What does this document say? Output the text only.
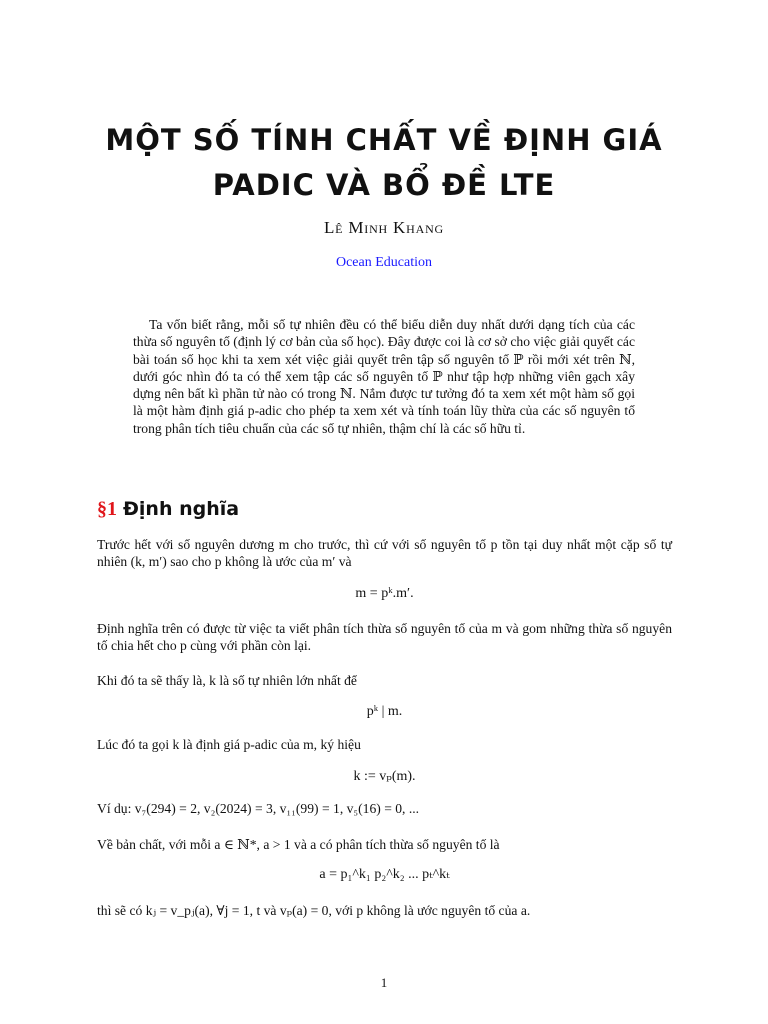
MỘT SỐ TÍNH CHẤT VỀ ĐỊNH GIÁ
PADIC VÀ BỔ ĐỀ LTE
Lê Minh Khang
Ocean Education

Ta vốn biết rằng, mỗi số tự nhiên đều có thể biểu diễn duy nhất dưới dạng tích của các thừa số nguyên tố (định lý cơ bản của số học). Đây được coi là cơ sở cho việc giải quyết các bài toán số học khi ta xem xét việc giải quyết trên tập số nguyên tố ℙ rồi mới xét trên ℕ, dưới góc nhìn đó ta có thể xem tập các số nguyên tố ℙ như tập hợp những viên gạch xây dựng nên bất kì phần tử nào có trong ℕ. Nắm được tư tưởng đó ta xem xét một hàm số gọi là một hàm định giá p-adic cho phép ta xem xét và tính toán lũy thừa của các số nguyên tố trong phân tích tiêu chuẩn của các số tự nhiên, thậm chí là các số hữu tỉ.

§1 Định nghĩa

Trước hết với số nguyên dương m cho trước, thì cứ với số nguyên tố p tồn tại duy nhất một cặp số tự nhiên (k, m′) sao cho p không là ước của m′ và

m = pᵏ.m′.

Định nghĩa trên có được từ việc ta viết phân tích thừa số nguyên tố của m và gom những thừa số nguyên tố chia hết cho p cùng với phần còn lại.

Khi đó ta sẽ thấy là, k là số tự nhiên lớn nhất để

pᵏ | m.

Lúc đó ta gọi k là định giá p-adic của m, ký hiệu

k := vₚ(m).

Ví dụ: v₇(294) = 2, v₂(2024) = 3, v₁₁(99) = 1, v₅(16) = 0, ...

Về bản chất, với mỗi a ∈ ℕ*, a > 1 và a có phân tích thừa số nguyên tố là

a = p₁^k₁ p₂^k₂ ... pₜ^kₜ

thì sẽ có kⱼ = v_pⱼ(a), ∀j = 1, t và vₚ(a) = 0, với p không là ước nguyên tố của a.

1
